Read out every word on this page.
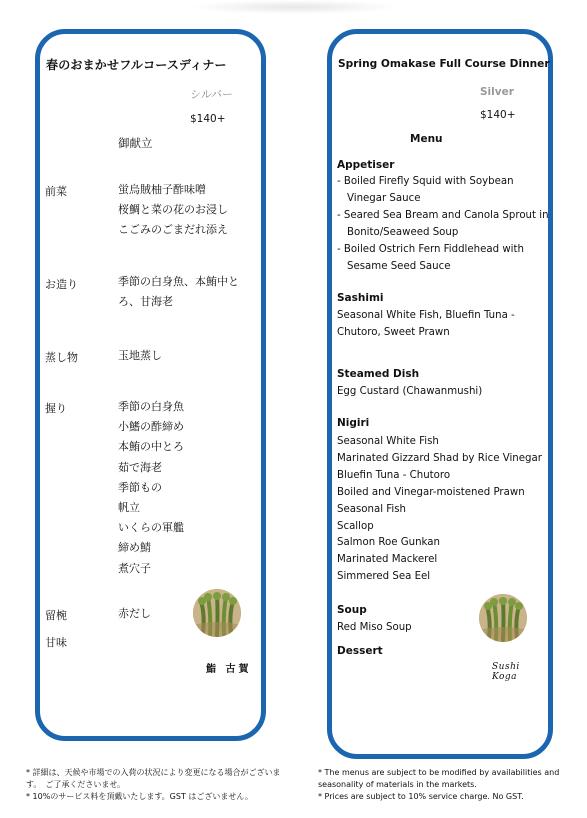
春のおまかせフルコースディナー
シルバー
$140+
御献立
前菜	蛍烏賊柚子酢味噌
桜鯛と菜の花のお浸し
こごみのごまだれ添え
お造り	季節の白身魚、本鮪中と
ろ、甘海老
蒸し物	玉地蒸し
握り	季節の白身魚
小鰭の酢締め
本鮪の中とろ
茹で海老
季節もの
帆立
いくらの軍艦
締め鯖
煮穴子
留椀	赤だし
甘味
鮨 古賀
Spring Omakase Full Course Dinner
Silver
$140+
Menu
Appetiser
- Boiled Firefly Squid with Soybean Vinegar Sauce
- Seared Sea Bream and Canola Sprout in Bonito/Seaweed Soup
- Boiled Ostrich Fern Fiddlehead with Sesame Seed Sauce
Sashimi
Seasonal White Fish, Bluefin Tuna - Chutoro, Sweet Prawn
Steamed Dish
Egg Custard (Chawanmushi)
Nigiri
Seasonal White Fish
Marinated Gizzard Shad by Rice Vinegar
Bluefin Tuna - Chutoro
Boiled and Vinegar-moistened Prawn
Seasonal Fish
Scallop
Salmon Roe Gunkan
Marinated Mackerel
Simmered Sea Eel
Soup
Red Miso Soup
Dessert
Sushi Koga
* 詳細は、天候や市場での入荷の状況により変更になる場合がございます。　ご了承くださいませ。
* 10%のサービス料を頂戴いたします。GST はございません。
* The menus are subject to be modified by availabilities and seasonality of materials in the markets.
* Prices are subject to 10% service charge. No GST.
